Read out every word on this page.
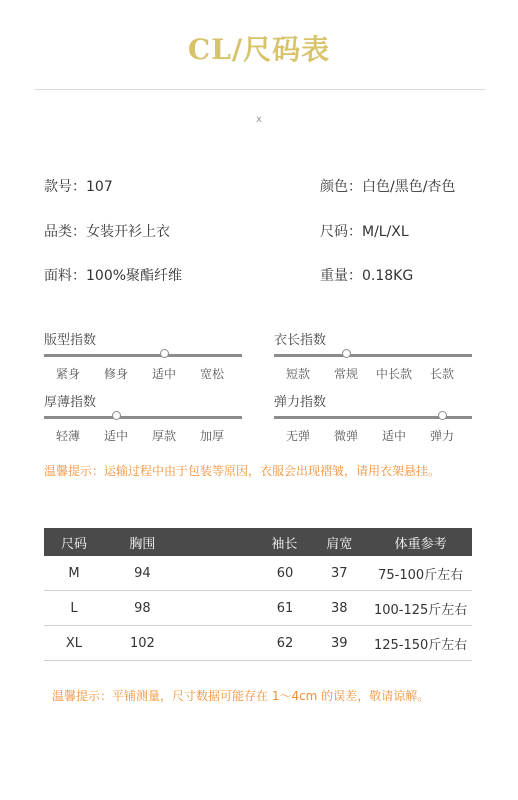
CL/尺码表
x
款号：107	颜色：白色/黑色/杏色
品类：女装开衫上衣	尺码：M/L/XL
面料：100%聚酯纤维	重量：0.18KG
版型指数
紧身 修身 适中 宽松
衣长指数
短款 常规 中长款 长款
厚薄指数
轻薄 适中 厚款 加厚
弹力指数
无弹 微弹 适中 弹力
温馨提示：运输过程中由于包装等原因，衣服会出现褶皱，请用衣架悬挂。
尺码	胸围	袖长	肩宽	体重参考
M	94	60	37	75-100斤左右
L	98	61	38	100-125斤左右
XL	102	62	39	125-150斤左右
温馨提示：平铺测量，尺寸数据可能存在 1～4cm 的误差，敬请谅解。
